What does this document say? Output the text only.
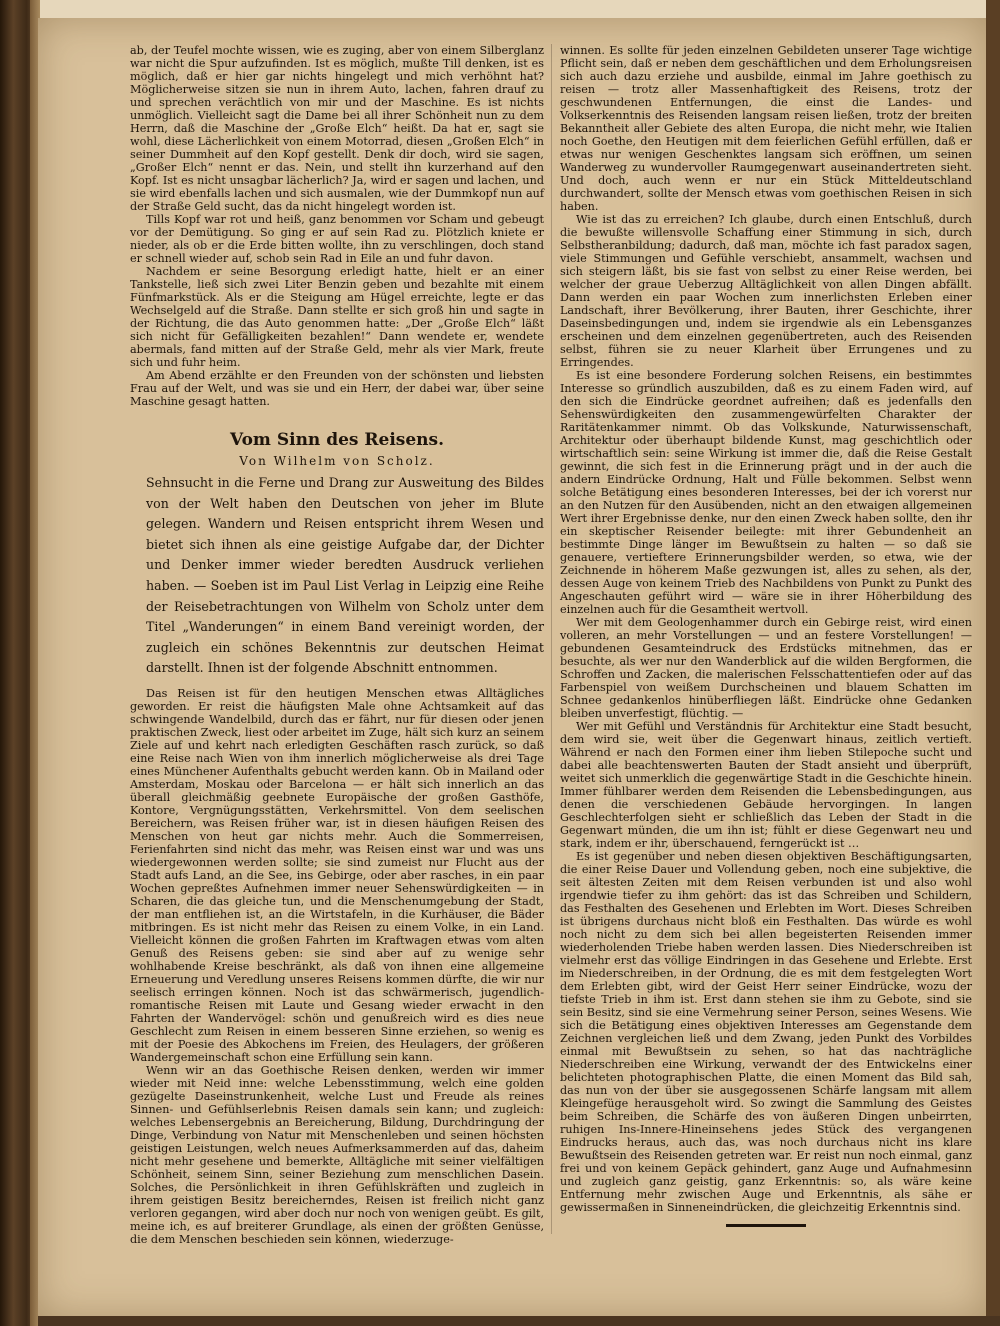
ab, der Teufel mochte wissen, wie es zuging, aber von einem Silberglanz war nicht die Spur aufzufinden. Ist es möglich, mußte Till denken, ist es möglich, daß er hier gar nichts hingelegt und mich verhöhnt hat? Möglicherweise sitzen sie nun in ihrem Auto, lachen, fahren drauf zu und sprechen verächtlich von mir und der Maschine. Es ist nichts unmöglich. Vielleicht sagt die Dame bei all ihrer Schönheit nun zu dem Herrn, daß die Maschine der „Große Elch“ heißt. Da hat er, sagt sie wohl, diese Lächerlichkeit von einem Motorrad, diesen „Großen Elch“ in seiner Dummheit auf den Kopf gestellt. Denk dir doch, wird sie sagen, „Großer Elch“ nennt er das. Nein, und stellt ihn kurzerhand auf den Kopf. Ist es nicht unsagbar lächerlich? Ja, wird er sagen und lachen, und sie wird ebenfalls lachen und sich ausmalen, wie der Dummkopf nun auf der Straße Geld sucht, das da nicht hingelegt worden ist.

Tills Kopf war rot und heiß, ganz benommen vor Scham und gebeugt vor der Demütigung. So ging er auf sein Rad zu. Plötzlich kniete er nieder, als ob er die Erde bitten wollte, ihn zu verschlingen, doch stand er schnell wieder auf, schob sein Rad in Eile an und fuhr davon.

Nachdem er seine Besorgung erledigt hatte, hielt er an einer Tankstelle, ließ sich zwei Liter Benzin geben und bezahlte mit einem Fünfmarkstück. Als er die Steigung am Hügel erreichte, legte er das Wechselgeld auf die Straße. Dann stellte er sich groß hin und sagte in der Richtung, die das Auto genommen hatte: „Der „Große Elch“ läßt sich nicht für Gefälligkeiten bezahlen!“ Dann wendete er, wendete abermals, fand mitten auf der Straße Geld, mehr als vier Mark, freute sich und fuhr heim.

Am Abend erzählte er den Freunden von der schönsten und liebsten Frau auf der Welt, und was sie und ein Herr, der dabei war, über seine Maschine gesagt hatten.

Vom Sinn des Reisens.
Von Wilhelm von Scholz.
Sehnsucht in die Ferne und Drang zur Ausweitung des Bildes von der Welt haben den Deutschen von jeher im Blute gelegen. Wandern und Reisen entspricht ihrem Wesen und bietet sich ihnen als eine geistige Aufgabe dar, der Dichter und Denker immer wieder beredten Ausdruck verliehen haben. — Soeben ist im Paul List Verlag in Leipzig eine Reihe der Reisebetrachtungen von Wilhelm von Scholz unter dem Titel „Wanderungen“ in einem Band vereinigt worden, der zugleich ein schönes Bekenntnis zur deutschen Heimat darstellt. Ihnen ist der folgende Abschnitt entnommen.

Das Reisen ist für den heutigen Menschen etwas Alltägliches geworden. Er reist die häufigsten Male ohne Achtsamkeit auf das schwingende Wandelbild, durch das er fährt, nur für diesen oder jenen praktischen Zweck, liest oder arbeitet im Zuge, hält sich kurz an seinem Ziele auf und kehrt nach erledigten Geschäften rasch zurück, so daß eine Reise nach Wien von ihm innerlich möglicherweise als drei Tage eines Münchener Aufenthalts gebucht werden kann. Ob in Mailand oder Amsterdam, Moskau oder Barcelona — er hält sich innerlich an das überall gleichmäßig geebnete Europäische der großen Gasthöfe, Kontore, Vergnügungsstätten, Verkehrsmittel. Von dem seelischen Bereichern, was Reisen früher war, ist in diesen häufigen Reisen des Menschen von heut gar nichts mehr. Auch die Sommerreisen, Ferienfahrten sind nicht das mehr, was Reisen einst war und was uns wiedergewonnen werden sollte; sie sind zumeist nur Flucht aus der Stadt aufs Land, an die See, ins Gebirge, oder aber rasches, in ein paar Wochen gepreßtes Aufnehmen immer neuer Sehenswürdigkeiten — in Scharen, die das gleiche tun, und die Menschenumgebung der Stadt, der man entfliehen ist, an die Wirtstafeln, in die Kurhäuser, die Bäder mitbringen. Es ist nicht mehr das Reisen zu einem Volke, in ein Land. Vielleicht können die großen Fahrten im Kraftwagen etwas vom alten Genuß des Reisens geben: sie sind aber auf zu wenige sehr wohlhabende Kreise beschränkt, als daß von ihnen eine allgemeine Erneuerung und Veredlung unseres Reisens kommen dürfte, die wir nur seelisch erringen können. Noch ist das schwärmerisch, jugendlich-romantische Reisen mit Laute und Gesang wieder erwacht in den Fahrten der Wandervögel: schön und genußreich wird es dies neue Geschlecht zum Reisen in einem besseren Sinne erziehen, so wenig es mit der Poesie des Abkochens im Freien, des Heulagers, der größeren Wandergemeinschaft schon eine Erfüllung sein kann.

Wenn wir an das Goethische Reisen denken, werden wir immer wieder mit Neid inne: welche Lebensstimmung, welch eine golden gezügelte Daseinstrunkenheit, welche Lust und Freude als reines Sinnen- und Gefühlserlebnis Reisen damals sein kann; und zugleich: welches Lebensergebnis an Bereicherung, Bildung, Durchdringung der Dinge, Verbindung von Natur mit Menschenleben und seinen höchsten geistigen Leistungen, welch neues Aufmerksammerden auf das, daheim nicht mehr gesehene und bemerkte, Alltägliche mit seiner vielfältigen Schönheit, seinem Sinn, seiner Beziehung zum menschlichen Dasein. Solches, die Persönlichkeit in ihren Gefühlskräften und zugleich in ihrem geistigen Besitz bereicherndes, Reisen ist freilich nicht ganz verloren gegangen, wird aber doch nur noch von wenigen geübt. Es gilt, meine ich, es auf breiterer Grundlage, als einen der größten Genüsse, die dem Menschen beschieden sein können, wiederzuge-

winnen. Es sollte für jeden einzelnen Gebildeten unserer Tage wichtige Pflicht sein, daß er neben dem geschäftlichen und dem Erholungsreisen sich auch dazu erziehe und ausbilde, einmal im Jahre goethisch zu reisen — trotz aller Massenhaftigkeit des Reisens, trotz der geschwundenen Entfernungen, die einst die Landes- und Volkserkenntnis des Reisenden langsam reisen ließen, trotz der breiten Bekanntheit aller Gebiete des alten Europa, die nicht mehr, wie Italien noch Goethe, den Heutigen mit dem feierlichen Gefühl erfüllen, daß er etwas nur wenigen Geschenktes langsam sich eröffnen, um seinen Wanderweg zu wundervoller Raumgegenwart auseinandertreten sieht. Und doch, auch wenn er nur ein Stück Mitteldeutschland durchwandert, sollte der Mensch etwas vom goethischen Reisen in sich haben.

Wie ist das zu erreichen? Ich glaube, durch einen Entschluß, durch die bewußte willensvolle Schaffung einer Stimmung in sich, durch Selbstheranbildung; dadurch, daß man, möchte ich fast paradox sagen, viele Stimmungen und Gefühle verschiebt, ansammelt, wachsen und sich steigern läßt, bis sie fast von selbst zu einer Reise werden, bei welcher der graue Ueberzug Alltäglichkeit von allen Dingen abfällt. Dann werden ein paar Wochen zum innerlichsten Erleben einer Landschaft, ihrer Bevölkerung, ihrer Bauten, ihrer Geschichte, ihrer Daseinsbedingungen und, indem sie irgendwie als ein Lebensganzes erscheinen und dem einzelnen gegenübertreten, auch des Reisenden selbst, führen sie zu neuer Klarheit über Errungenes und zu Erringendes.

Es ist eine besondere Forderung solchen Reisens, ein bestimmtes Interesse so gründlich auszubilden, daß es zu einem Faden wird, auf den sich die Eindrücke geordnet aufreihen; daß es jedenfalls den Sehenswürdigkeiten den zusammengewürfelten Charakter der Raritätenkammer nimmt. Ob das Volkskunde, Naturwissenschaft, Architektur oder überhaupt bildende Kunst, mag geschichtlich oder wirtschaftlich sein: seine Wirkung ist immer die, daß die Reise Gestalt gewinnt, die sich fest in die Erinnerung prägt und in der auch die andern Eindrücke Ordnung, Halt und Fülle bekommen. Selbst wenn solche Betätigung eines besonderen Interesses, bei der ich vorerst nur an den Nutzen für den Ausübenden, nicht an den etwaigen allgemeinen Wert ihrer Ergebnisse denke, nur den einen Zweck haben sollte, den ihr ein skeptischer Reisender beilegte: mit ihrer Gebundenheit an bestimmte Dinge länger im Bewußtsein zu halten — so daß sie genauere, vertieftere Erinnerungsbilder werden, so etwa, wie der Zeichnende in höherem Maße gezwungen ist, alles zu sehen, als der, dessen Auge von keinem Trieb des Nachbildens von Punkt zu Punkt des Angeschauten geführt wird — wäre sie in ihrer Höherbildung des einzelnen auch für die Gesamtheit wertvoll.

Wer mit dem Geologenhammer durch ein Gebirge reist, wird einen volleren, an mehr Vorstellungen — und an festere Vorstellungen! — gebundenen Gesamteindruck des Erdstücks mitnehmen, das er besuchte, als wer nur den Wanderblick auf die wilden Bergformen, die Schroffen und Zacken, die malerischen Felsschattentiefen oder auf das Farbenspiel von weißem Durchscheinen und blauem Schatten im Schnee gedankenlos hinüberfliegen läßt. Eindrücke ohne Gedanken bleiben unverfestigt, flüchtig. —

Wer mit Gefühl und Verständnis für Architektur eine Stadt besucht, dem wird sie, weit über die Gegenwart hinaus, zeitlich vertieft. Während er nach den Formen einer ihm lieben Stilepoche sucht und dabei alle beachtenswerten Bauten der Stadt ansieht und überprüft, weitet sich unmerklich die gegenwärtige Stadt in die Geschichte hinein. Immer fühlbarer werden dem Reisenden die Lebensbedingungen, aus denen die verschiedenen Gebäude hervorgingen. In langen Geschlechterfolgen sieht er schließlich das Leben der Stadt in die Gegenwart münden, die um ihn ist; fühlt er diese Gegenwart neu und stark, indem er ihr, überschauend, ferngerückt ist …

Es ist gegenüber und neben diesen objektiven Beschäftigungsarten, die einer Reise Dauer und Vollendung geben, noch eine subjektive, die seit ältesten Zeiten mit dem Reisen verbunden ist und also wohl irgendwie tiefer zu ihm gehört: das ist das Schreiben und Schildern, das Festhalten des Gesehenen und Erlebten im Wort. Dieses Schreiben ist übrigens durchaus nicht bloß ein Festhalten. Das würde es wohl noch nicht zu dem sich bei allen begeisterten Reisenden immer wiederholenden Triebe haben werden lassen. Dies Niederschreiben ist vielmehr erst das völlige Eindringen in das Gesehene und Erlebte. Erst im Niederschreiben, in der Ordnung, die es mit dem festgelegten Wort dem Erlebten gibt, wird der Geist Herr seiner Eindrücke, wozu der tiefste Trieb in ihm ist. Erst dann stehen sie ihm zu Gebote, sind sie sein Besitz, sind sie eine Vermehrung seiner Person, seines Wesens. Wie sich die Betätigung eines objektiven Interesses am Gegenstande dem Zeichnen vergleichen ließ und dem Zwang, jeden Punkt des Vorbildes einmal mit Bewußtsein zu sehen, so hat das nachträgliche Niederschreiben eine Wirkung, verwandt der des Entwickelns einer belichteten photographischen Platte, die einen Moment das Bild sah, das nun von der über sie ausgegossenen Schärfe langsam mit allem Kleingefüge herausgeholt wird. So zwingt die Sammlung des Geistes beim Schreiben, die Schärfe des von äußeren Dingen unbeirrten, ruhigen Ins-Innere-Hineinsehens jedes Stück des vergangenen Eindrucks heraus, auch das, was noch durchaus nicht ins klare Bewußtsein des Reisenden getreten war. Er reist nun noch einmal, ganz frei und von keinem Gepäck gehindert, ganz Auge und Aufnahmesinn und zugleich ganz geistig, ganz Erkenntnis: so, als wäre keine Entfernung mehr zwischen Auge und Erkenntnis, als sähe er gewissermaßen in Sinneneindrücken, die gleichzeitig Erkenntnis sind.
